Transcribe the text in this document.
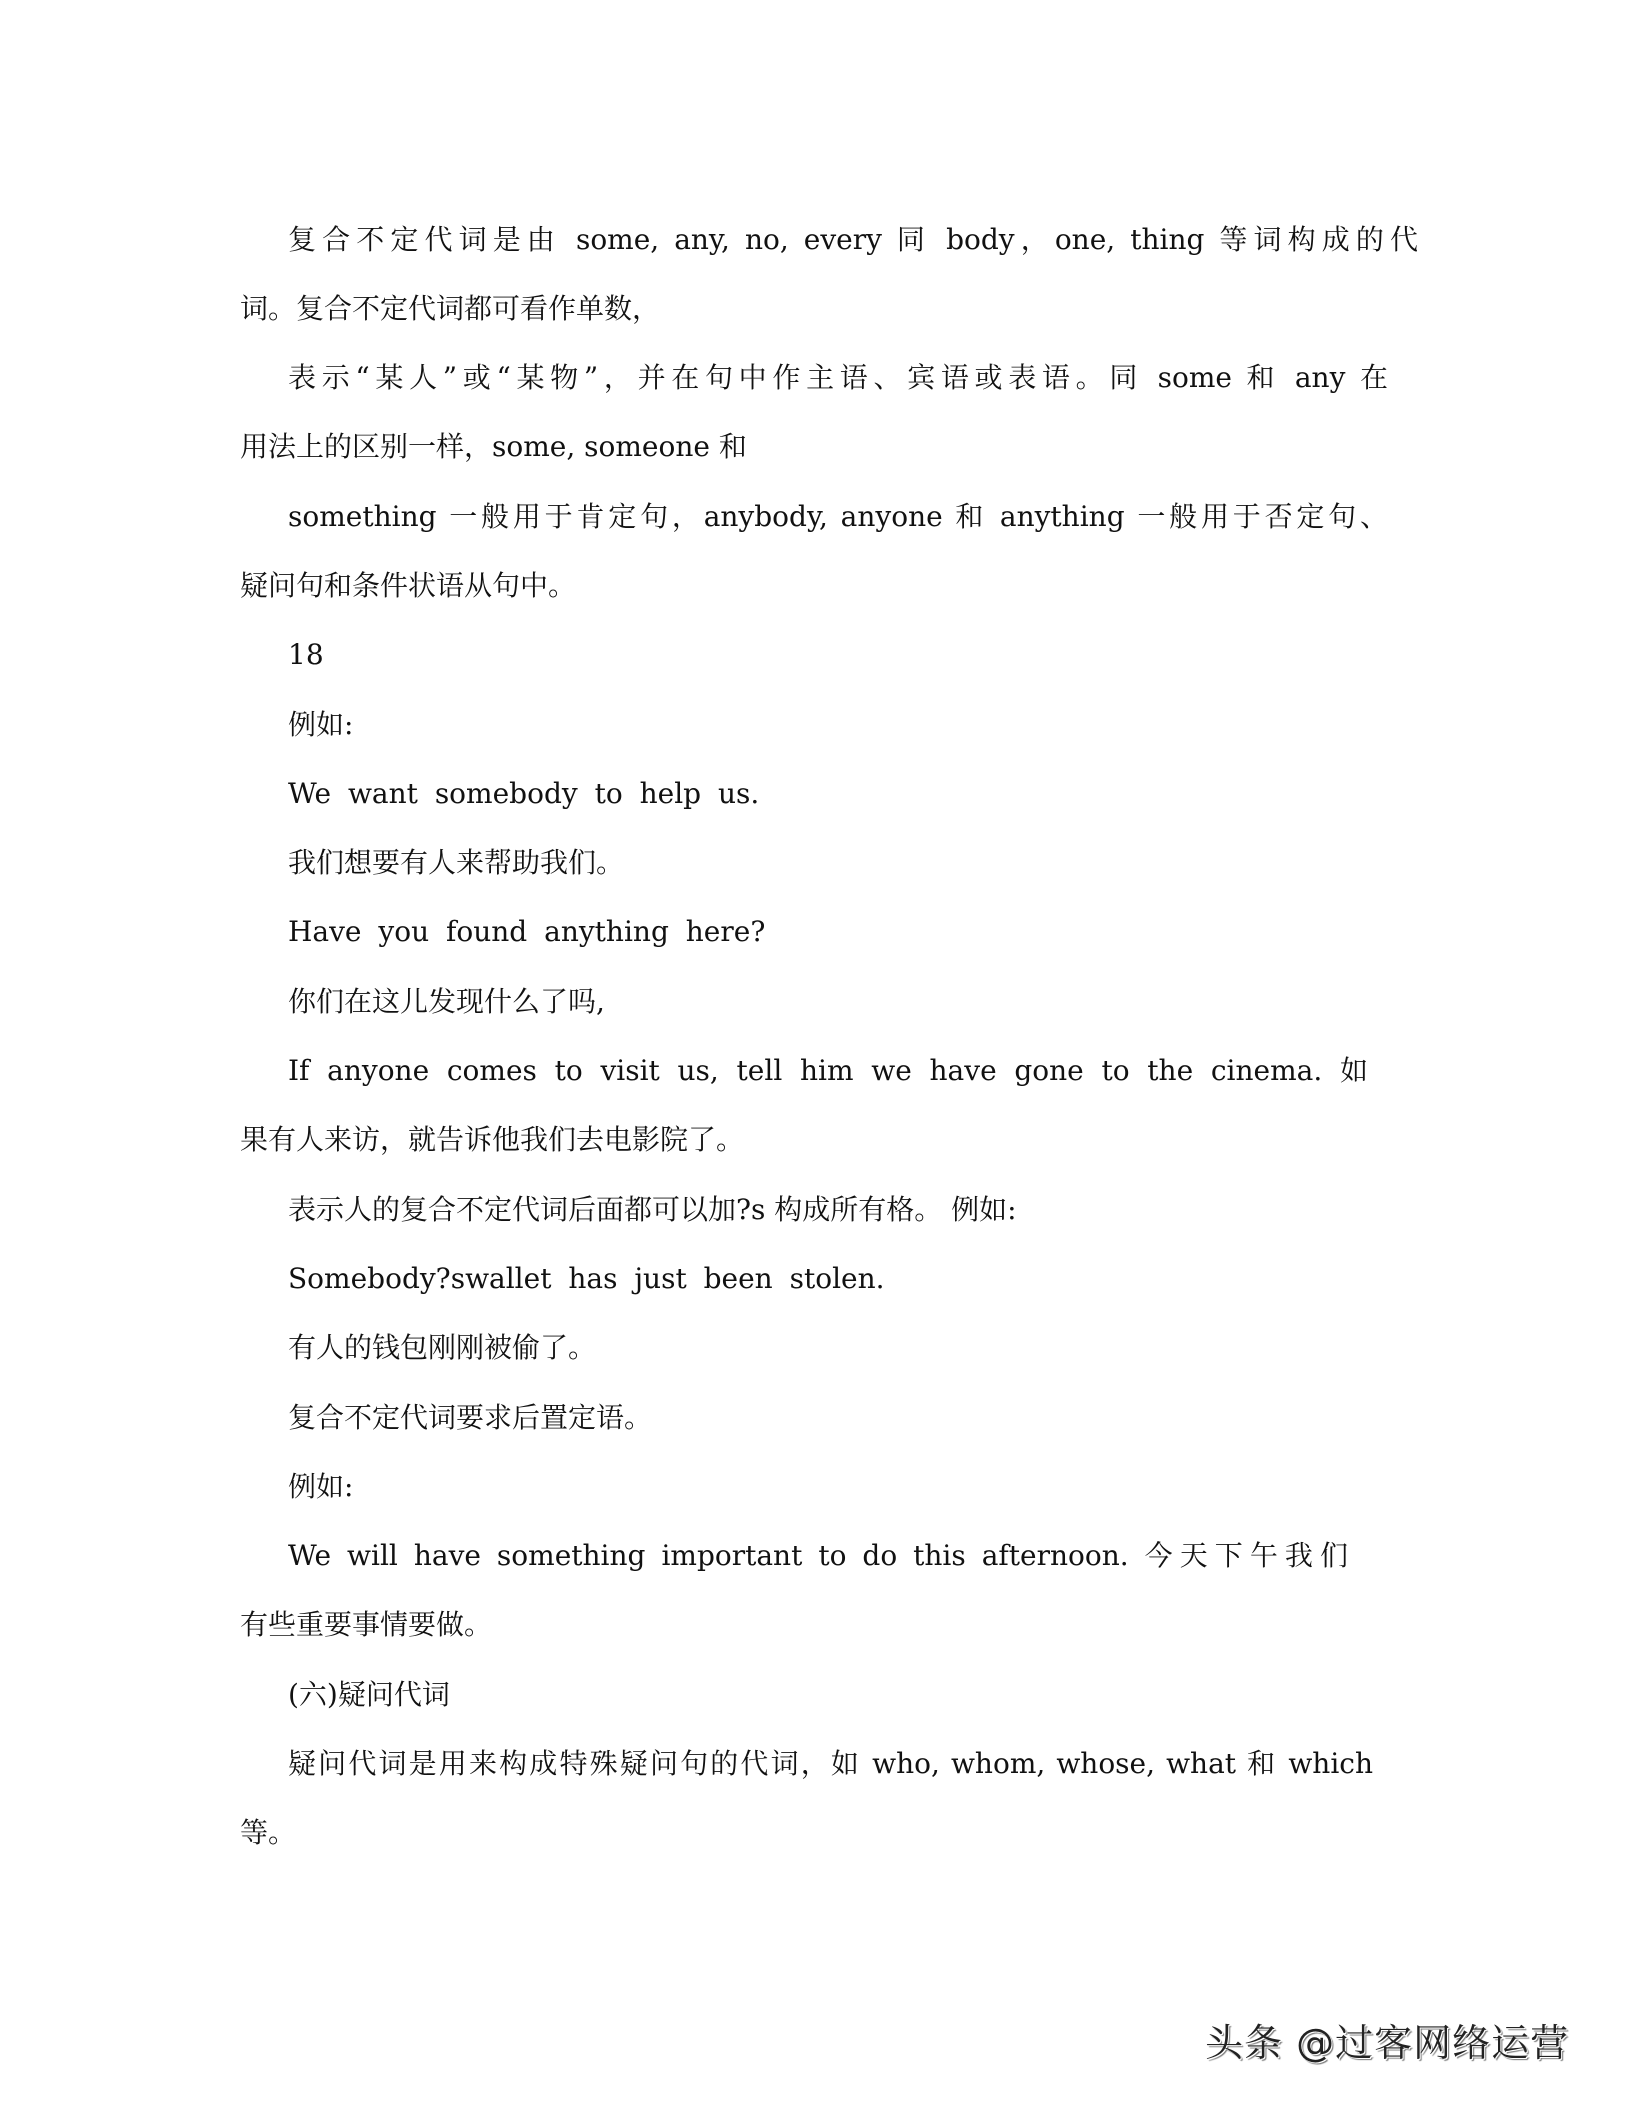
复合不定代词是由 some, any, no, every 同 body，one, thing 等词构成的代
词。复合不定代词都可看作单数，
表示“某人”或“某物”，并在句中作主语、宾语或表语。同 some 和 any 在
用法上的区别一样，some, someone 和
something 一般用于肯定句，anybody, anyone 和 anything 一般用于否定句、
疑问句和条件状语从句中。
18
例如:
We want somebody to help us.
我们想要有人来帮助我们。
Have you found anything here?
你们在这儿发现什么了吗,
If anyone comes to visit us, tell him we have gone to the cinema. 如
果有人来访，就告诉他我们去电影院了。
表示人的复合不定代词后面都可以加?s 构成所有格。 例如:
Somebody?swallet has just been stolen.
有人的钱包刚刚被偷了。
复合不定代词要求后置定语。
例如:
We will have something important to do this afternoon. 今天下午我们
有些重要事情要做。
(六)疑问代词
疑问代词是用来构成特殊疑问句的代词，如 who, whom, whose, what 和 which
等。
头条 @过客网络运营
